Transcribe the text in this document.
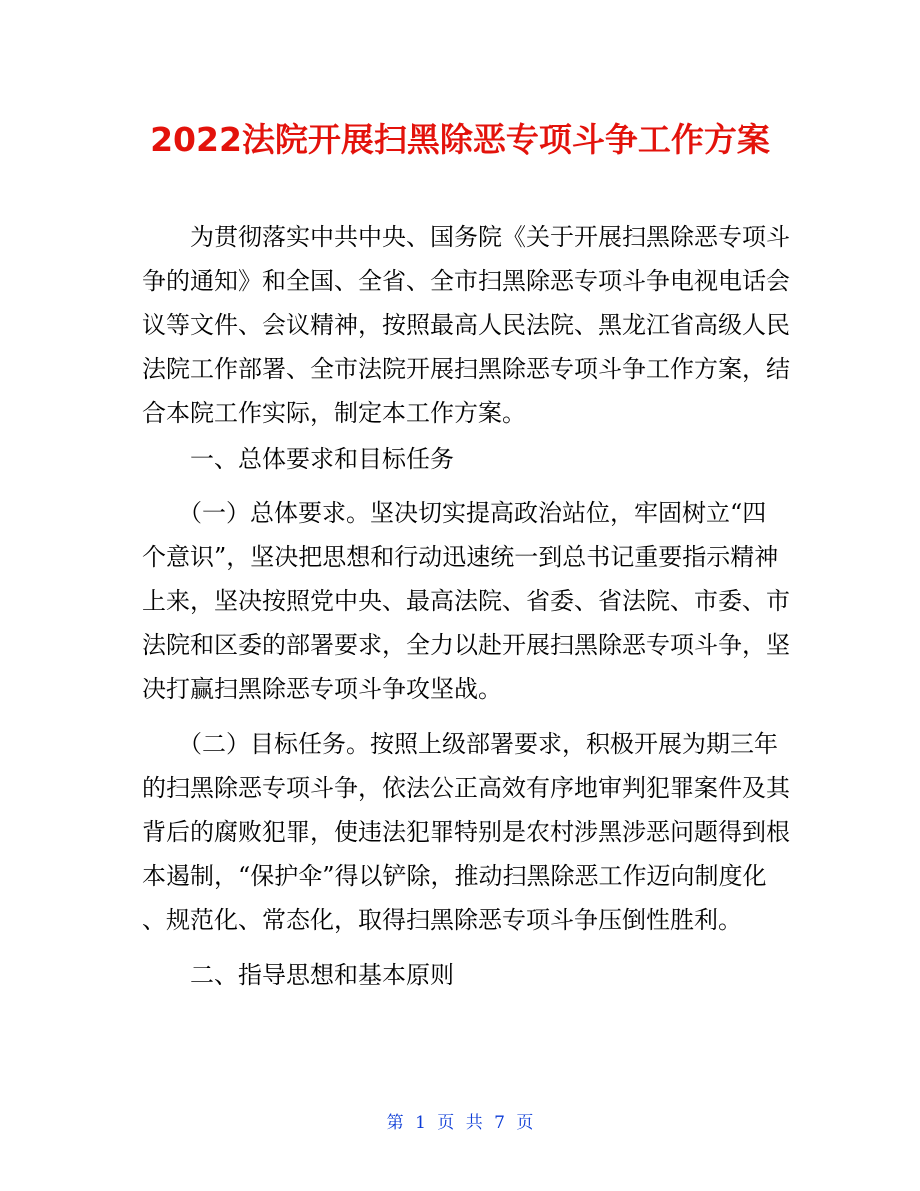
2022法院开展扫黑除恶专项斗争工作方案
　　为贯彻落实中共中央、国务院《关于开展扫黑除恶专项斗
争的通知》和全国、全省、全市扫黑除恶专项斗争电视电话会
议等文件、会议精神，按照最高人民法院、黑龙江省高级人民
法院工作部署、全市法院开展扫黑除恶专项斗争工作方案，结
合本院工作实际，制定本工作方案。
　　一、总体要求和目标任务
　　（一）总体要求。坚决切实提高政治站位，牢固树立“四
个意识”，坚决把思想和行动迅速统一到总书记重要指示精神
上来，坚决按照党中央、最高法院、省委、省法院、市委、市
法院和区委的部署要求，全力以赴开展扫黑除恶专项斗争，坚
决打赢扫黑除恶专项斗争攻坚战。
　　（二）目标任务。按照上级部署要求，积极开展为期三年
的扫黑除恶专项斗争，依法公正高效有序地审判犯罪案件及其
背后的腐败犯罪，使违法犯罪特别是农村涉黑涉恶问题得到根
本遏制，“保护伞”得以铲除，推动扫黑除恶工作迈向制度化
、规范化、常态化，取得扫黑除恶专项斗争压倒性胜利。
　　二、指导思想和基本原则
第 1 页 共 7 页
